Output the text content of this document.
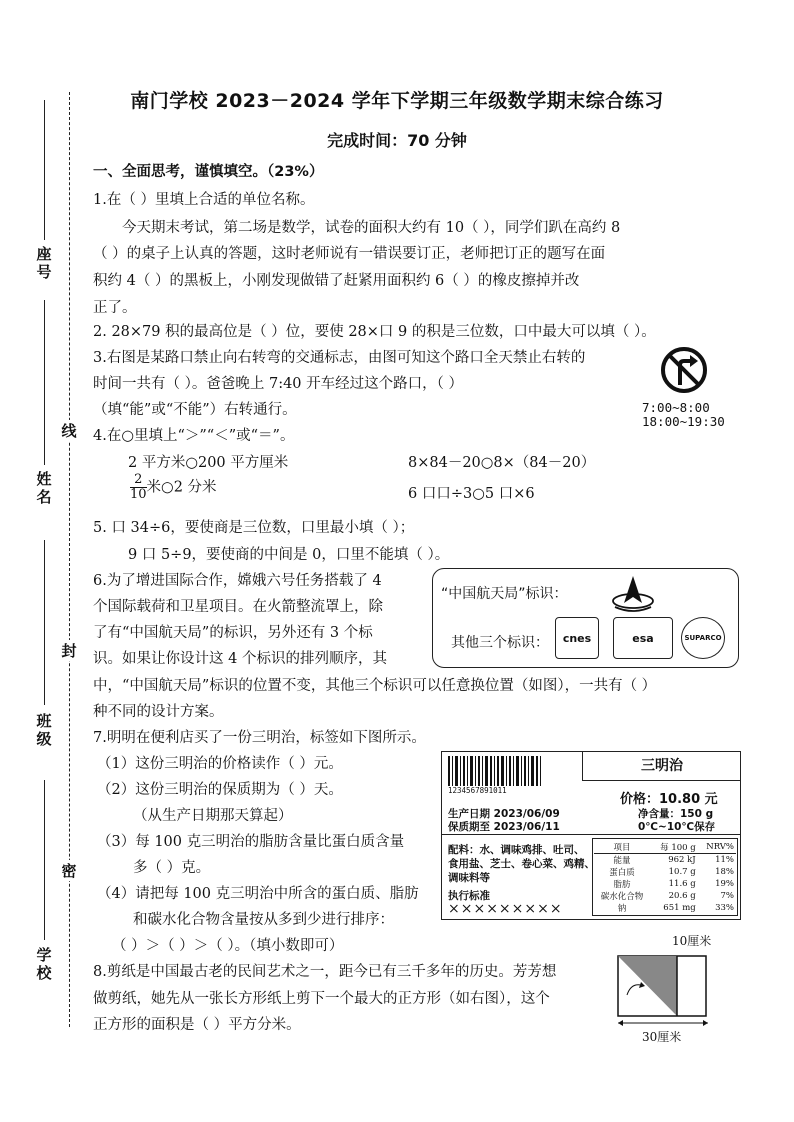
线
封
密
座号
姓名
班级
学校
南门学校 2023－2024 学年下学期三年级数学期末综合练习
完成时间：70 分钟
一、全面思考，谨慎填空。（23%）
1.在（ ）里填上合适的单位名称。
今天期末考试，第二场是数学，试卷的面积大约有 10（ ），同学们趴在高约 8
（ ）的桌子上认真的答题，这时老师说有一错误要订正，老师把订正的题写在面
积约 4（ ）的黑板上，小刚发现做错了赶紧用面积约 6（ ）的橡皮擦掉并改
正了。
2. 28×79 积的最高位是（ ）位，要使 28×口 9 的积是三位数，口中最大可以填（ ）。
3.右图是某路口禁止向右转弯的交通标志，由图可知这个路口全天禁止右转的
时间一共有（ ）。爸爸晚上 7:40 开车经过这个路口，（ ）
（填“能”或“不能”）右转通行。	7:00~8:00
18:00~19:30
4.在○里填上“＞”“＜”或“＝”。
2 平方米○200 平方厘米	8×84－20○8×（84－20）
$\frac{2}{10}$ 米○2 分米	6 口口÷3○5 口×6
5. 口 34÷6，要使商是三位数，口里最小填（ ）；
9 口 5÷9，要使商的中间是 0，口里不能填（ ）。
6.为了增进国际合作，嫦娥六号任务搭载了 4
个国际载荷和卫星项目。在火箭整流罩上，除
了有“中国航天局”的标识，另外还有 3 个标
识。如果让你设计这 4 个标识的排列顺序，其
中，“中国航天局”标识的位置不变，其他三个标识可以任意换位置（如图），一共有（ ）
种不同的设计方案。
“中国航天局”标识：
其他三个标识： cnes	esa	SUPARCO
7.明明在便利店买了一份三明治，标签如下图所示。
（1）这份三明治的价格读作（ ）元。
（2）这份三明治的保质期为（ ）天。
（从生产日期那天算起）
（3）每 100 克三明治的脂肪含量比蛋白质含量
多（ ）克。
（4）请把每 100 克三明治中所含的蛋白质、脂肪
和碳水化合物含量按从多到少进行排序：
（ ）＞（ ）＞（ ）。（填小数即可）
1234567891011
三明治
价格：10.80 元
净含量：150 g
0℃~10℃保存
生产日期 2023/06/09
保质期至 2023/06/11
配料：水、调味鸡排、吐司、
食用盐、芝士、卷心菜、鸡精、
调味料等
执行标准
×××××××××
项目	每 100 g	NRV%
能量	962 kJ	11%
蛋白质	10.7 g	18%
脂肪	11.6 g	19%
碳水化合物	20.6 g	7%
钠	651 mg	33%
8.剪纸是中国最古老的民间艺术之一，距今已有三千多年的历史。芳芳想
做剪纸，她先从一张长方形纸上剪下一个最大的正方形（如右图），这个
正方形的面积是（ ）平方分米。
10厘米
30厘米
